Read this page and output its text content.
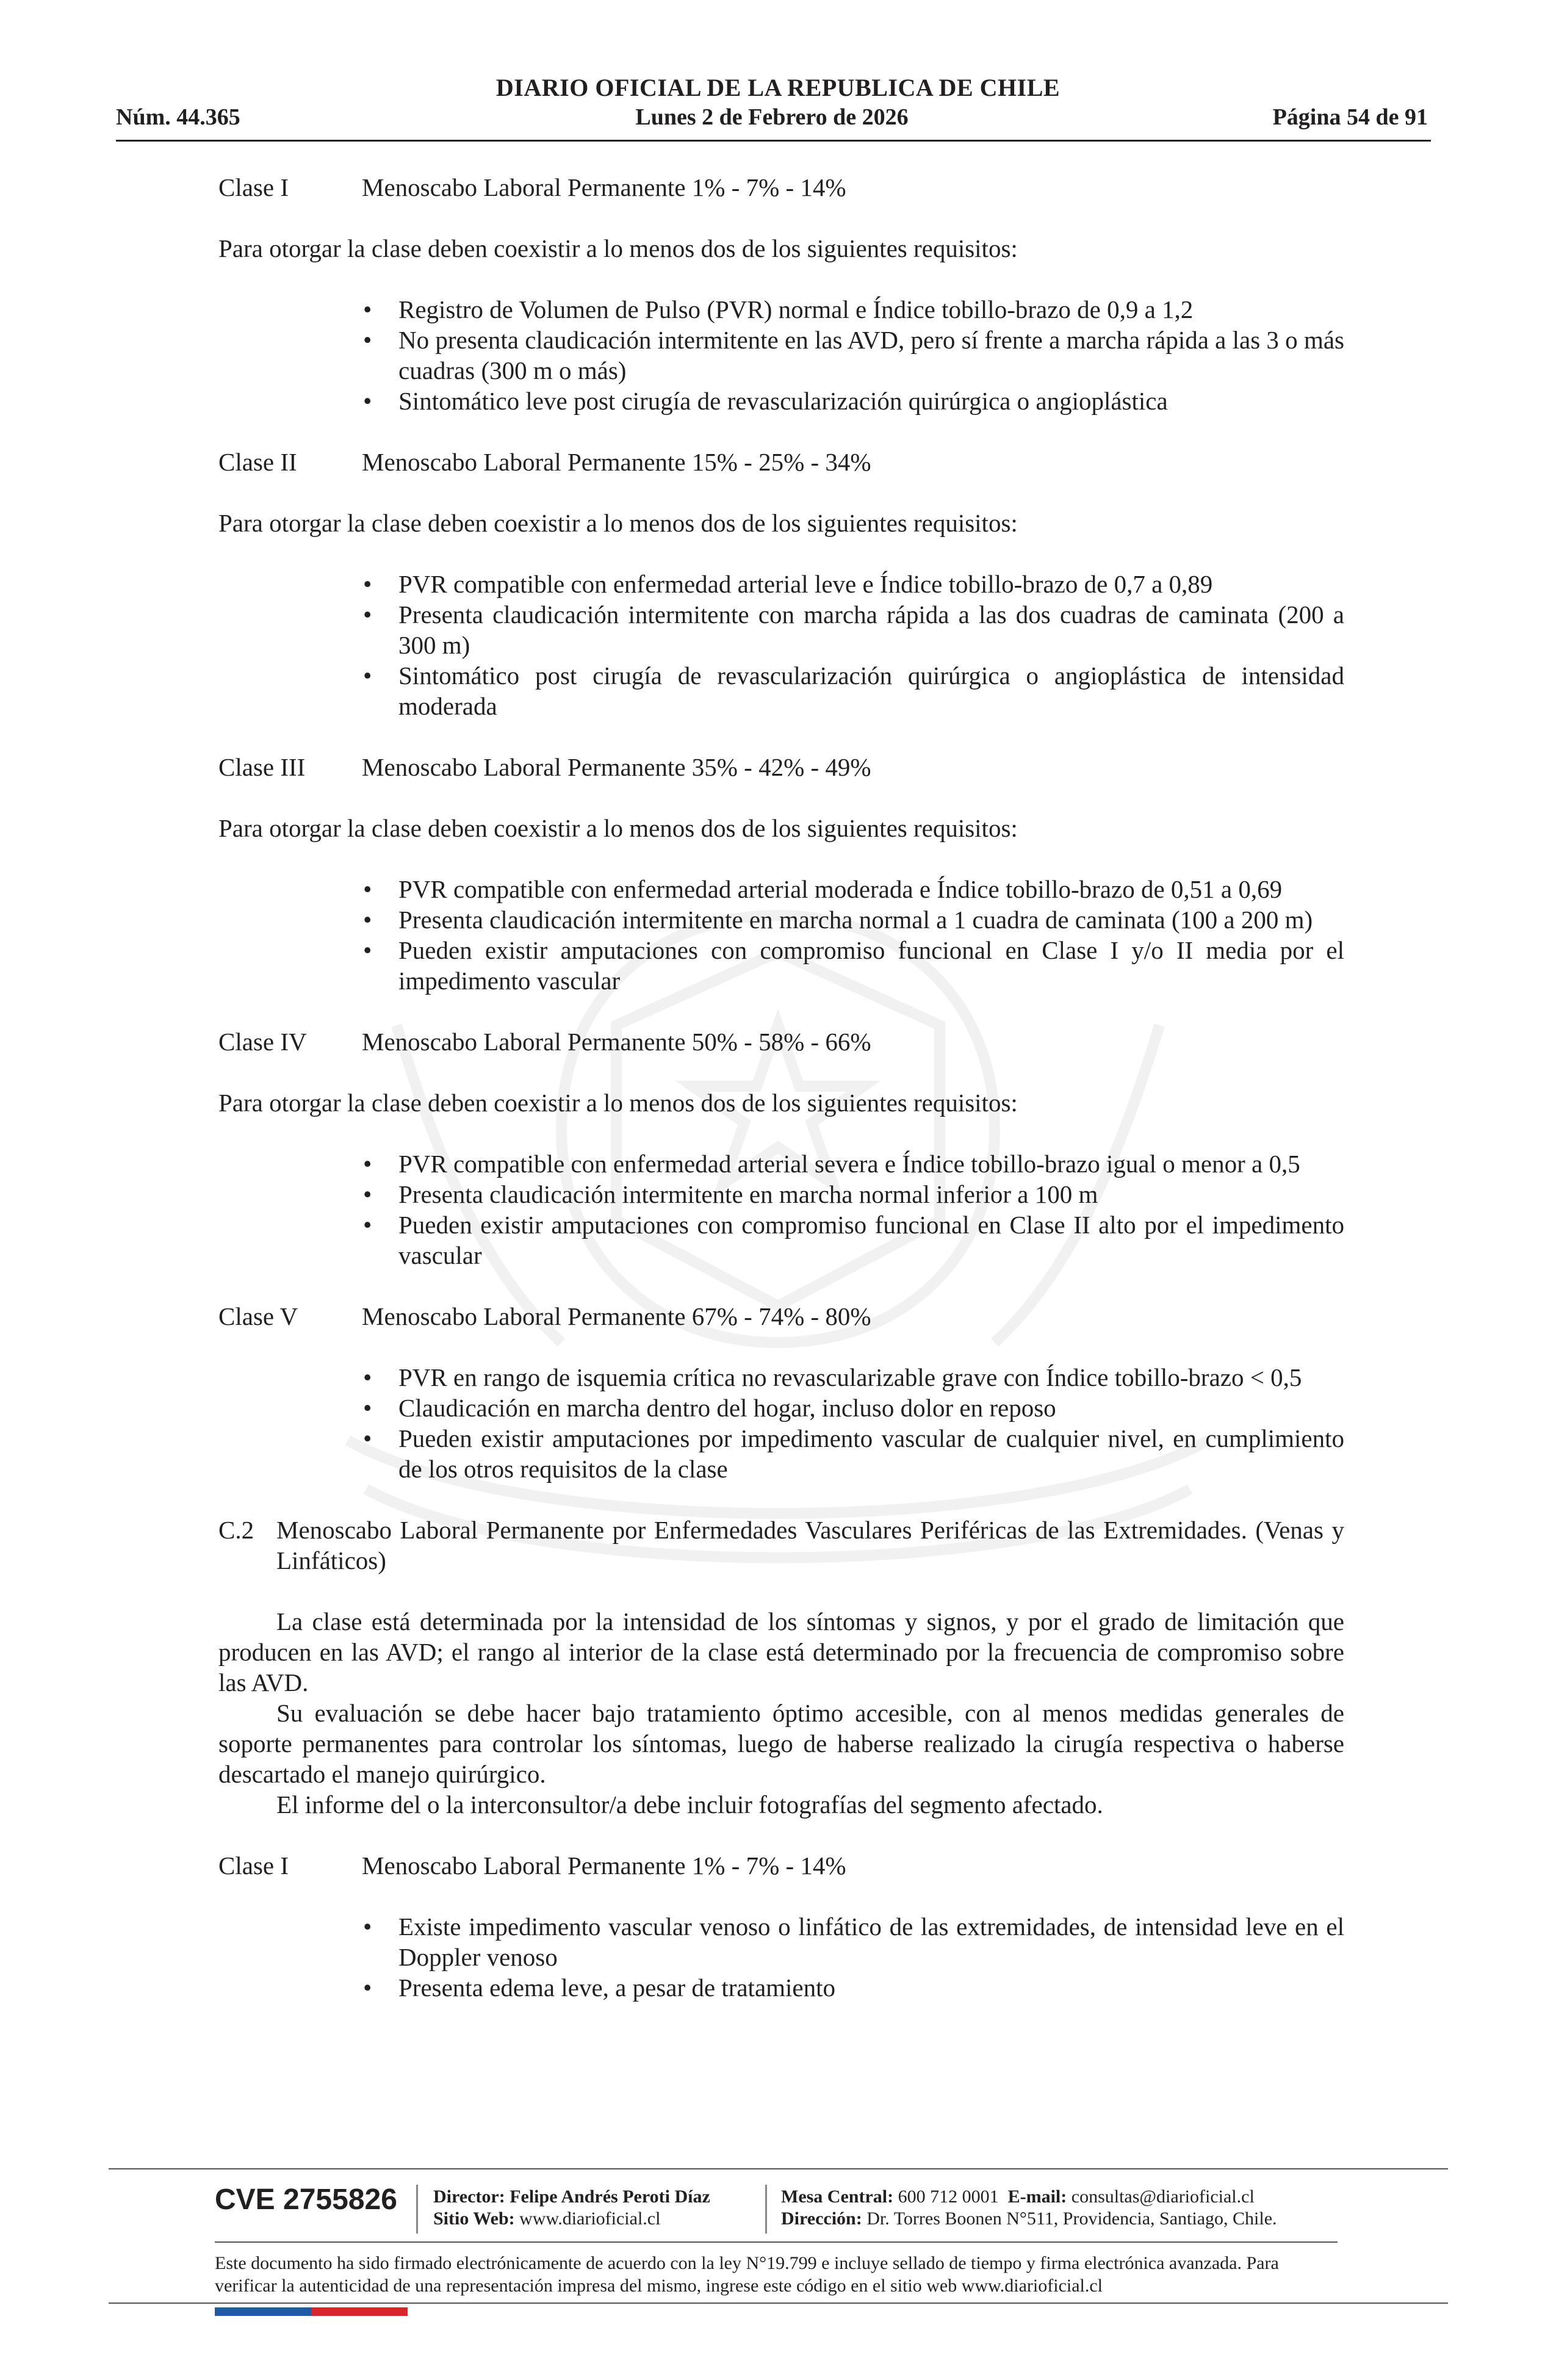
DIARIO OFICIAL DE LA REPUBLICA DE CHILE
Núm. 44.365	Lunes 2 de Febrero de 2026	Página 54 de 91
Clase I	Menoscabo Laboral Permanente 1% - 7% - 14%

Para otorgar la clase deben coexistir a lo menos dos de los siguientes requisitos:

• Registro de Volumen de Pulso (PVR) normal e Índice tobillo-brazo de 0,9 a 1,2
• No presenta claudicación intermitente en las AVD, pero sí frente a marcha rápida a las 3 o más cuadras (300 m o más)
• Sintomático leve post cirugía de revascularización quirúrgica o angioplástica
Clase II	Menoscabo Laboral Permanente 15% - 25% - 34%

Para otorgar la clase deben coexistir a lo menos dos de los siguientes requisitos:

• PVR compatible con enfermedad arterial leve e Índice tobillo-brazo de 0,7 a 0,89
• Presenta claudicación intermitente con marcha rápida a las dos cuadras de caminata (200 a 300 m)
• Sintomático post cirugía de revascularización quirúrgica o angioplástica de intensidad moderada
Clase III Menoscabo Laboral Permanente 35% - 42% - 49%

Para otorgar la clase deben coexistir a lo menos dos de los siguientes requisitos:

• PVR compatible con enfermedad arterial moderada e Índice tobillo-brazo de 0,51 a 0,69
• Presenta claudicación intermitente en marcha normal a 1 cuadra de caminata (100 a 200 m)
• Pueden existir amputaciones con compromiso funcional en Clase I y/o II media por el impedimento vascular
Clase IV Menoscabo Laboral Permanente 50% - 58% - 66%

Para otorgar la clase deben coexistir a lo menos dos de los siguientes requisitos:

• PVR compatible con enfermedad arterial severa e Índice tobillo-brazo igual o menor a 0,5
• Presenta claudicación intermitente en marcha normal inferior a 100 m
• Pueden existir amputaciones con compromiso funcional en Clase II alto por el impedimento vascular
Clase V	Menoscabo Laboral Permanente 67% - 74% - 80%
• PVR en rango de isquemia crítica no revascularizable grave con Índice tobillo-brazo < 0,5
• Claudicación en marcha dentro del hogar, incluso dolor en reposo
• Pueden existir amputaciones por impedimento vascular de cualquier nivel, en cumplimiento de los otros requisitos de la clase
C.2 Menoscabo Laboral Permanente por Enfermedades Vasculares Periféricas de las Extremidades. (Venas y Linfáticos)

La clase está determinada por la intensidad de los síntomas y signos, y por el grado de limitación que producen en las AVD; el rango al interior de la clase está determinado por la frecuencia de compromiso sobre las AVD.

Su evaluación se debe hacer bajo tratamiento óptimo accesible, con al menos medidas generales de soporte permanentes para controlar los síntomas, luego de haberse realizado la cirugía respectiva o haberse descartado el manejo quirúrgico.

El informe del o la interconsultor/a debe incluir fotografías del segmento afectado.

Clase I	Menoscabo Laboral Permanente 1% - 7% - 14%
• Existe impedimento vascular venoso o linfático de las extremidades, de intensidad leve en el Doppler venoso
• Presenta edema leve, a pesar de tratamiento
CVE 2755826 Director: Felipe Andrés Peroti Díaz
Sitio Web: www.diarioficial.cl
Mesa Central: 600 712 0001 E-mail: consultas@diarioficial.cl
Dirección: Dr. Torres Boonen N°511, Providencia, Santiago, Chile.
Este documento ha sido firmado electrónicamente de acuerdo con la ley N°19.799 e incluye sellado de tiempo y firma electrónica avanzada. Para verificar la autenticidad de una representación impresa del mismo, ingrese este código en el sitio web www.diarioficial.cl
